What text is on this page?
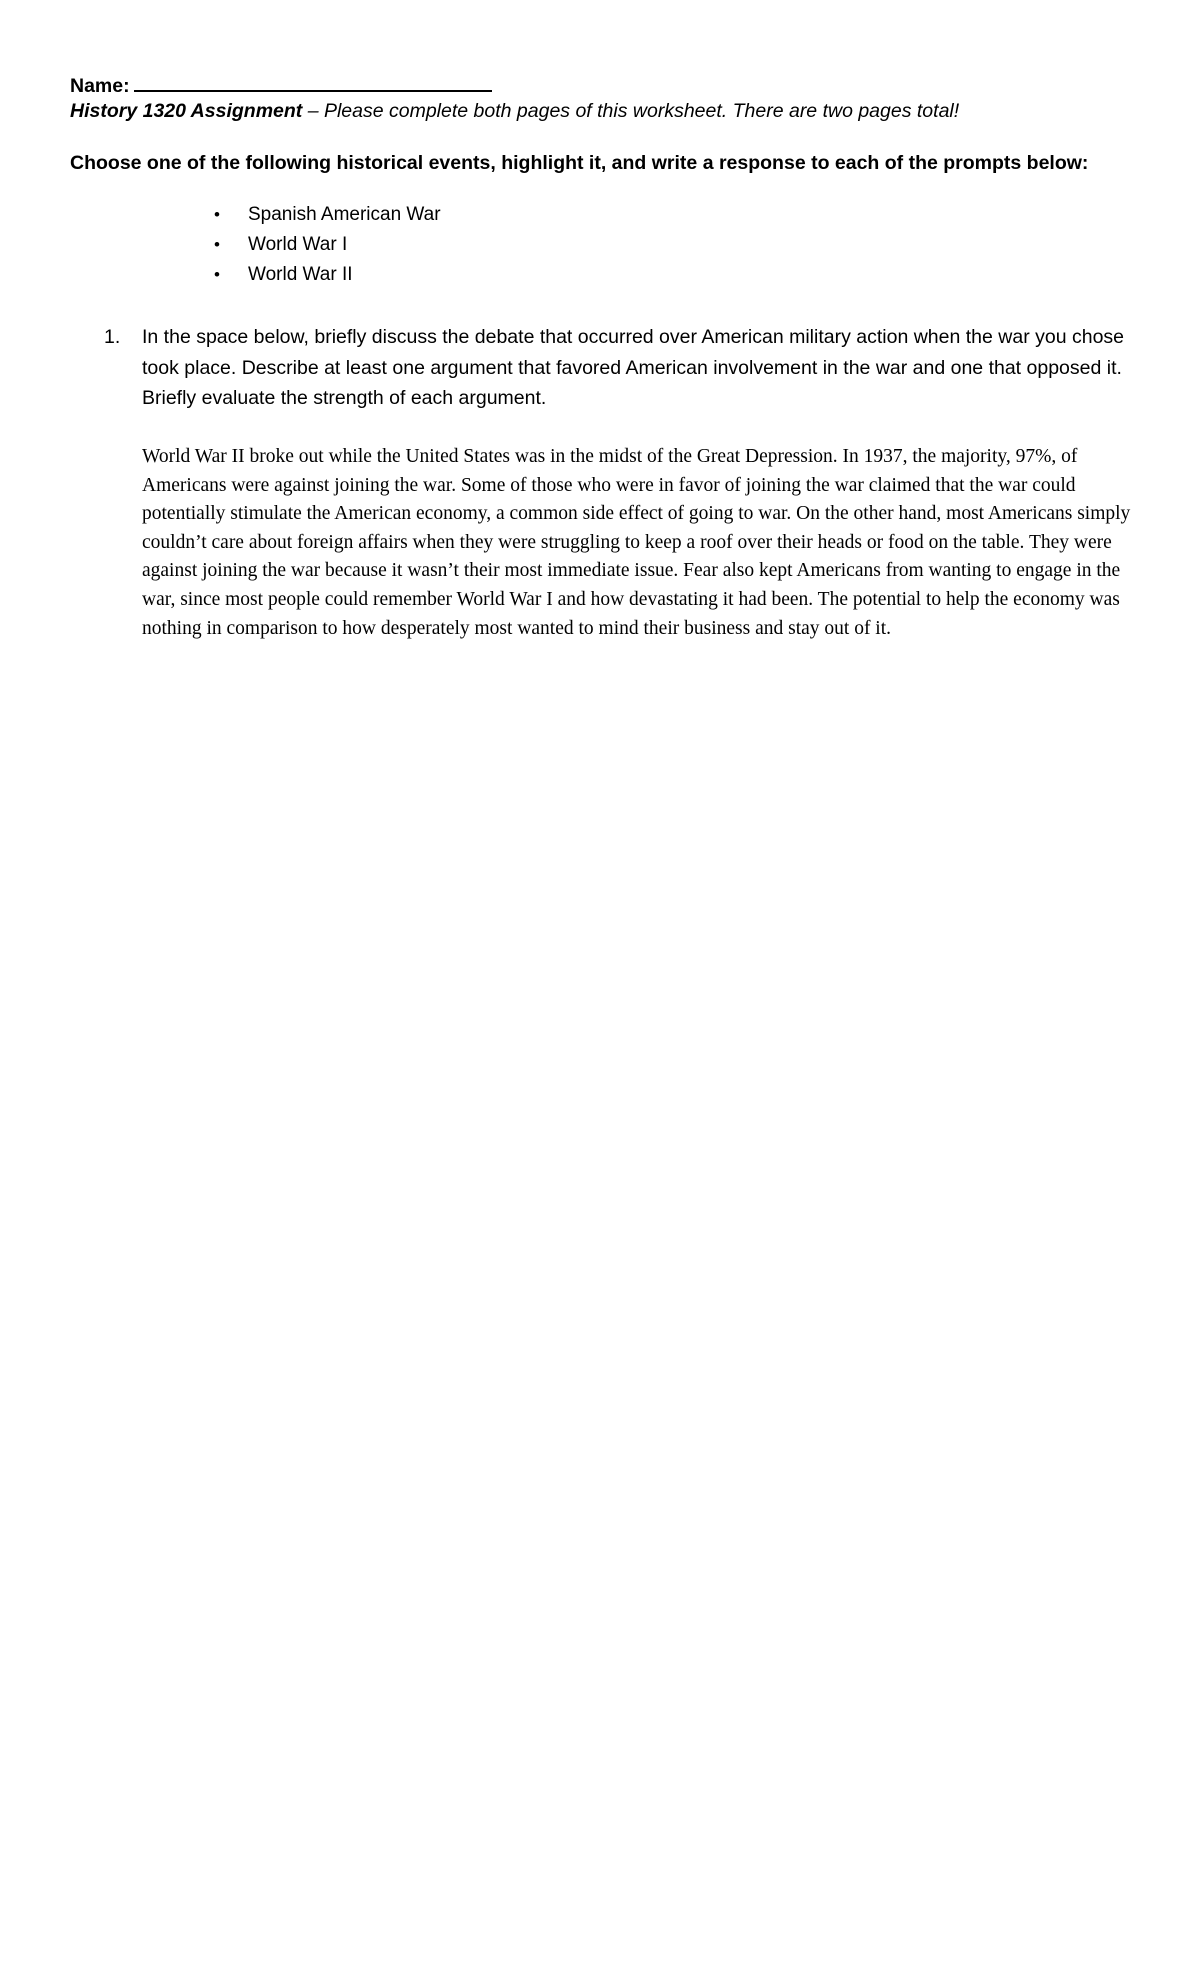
Name:
History 1320 Assignment – Please complete both pages of this worksheet. There are two pages total!
Choose one of the following historical events, highlight it, and write a response to each of the prompts below:
• Spanish American War
• World War I
• World War II
1. In the space below, briefly discuss the debate that occurred over American military action when the war you chose took place. Describe at least one argument that favored American involvement in the war and one that opposed it. Briefly evaluate the strength of each argument.
World War II broke out while the United States was in the midst of the Great Depression. In 1937, the majority, 97%, of Americans were against joining the war. Some of those who were in favor of joining the war claimed that the war could potentially stimulate the American economy, a common side effect of going to war. On the other hand, most Americans simply couldn’t care about foreign affairs when they were struggling to keep a roof over their heads or food on the table. They were against joining the war because it wasn’t their most immediate issue. Fear also kept Americans from wanting to engage in the war, since most people could remember World War I and how devastating it had been. The potential to help the economy was nothing in comparison to how desperately most wanted to mind their business and stay out of it.
